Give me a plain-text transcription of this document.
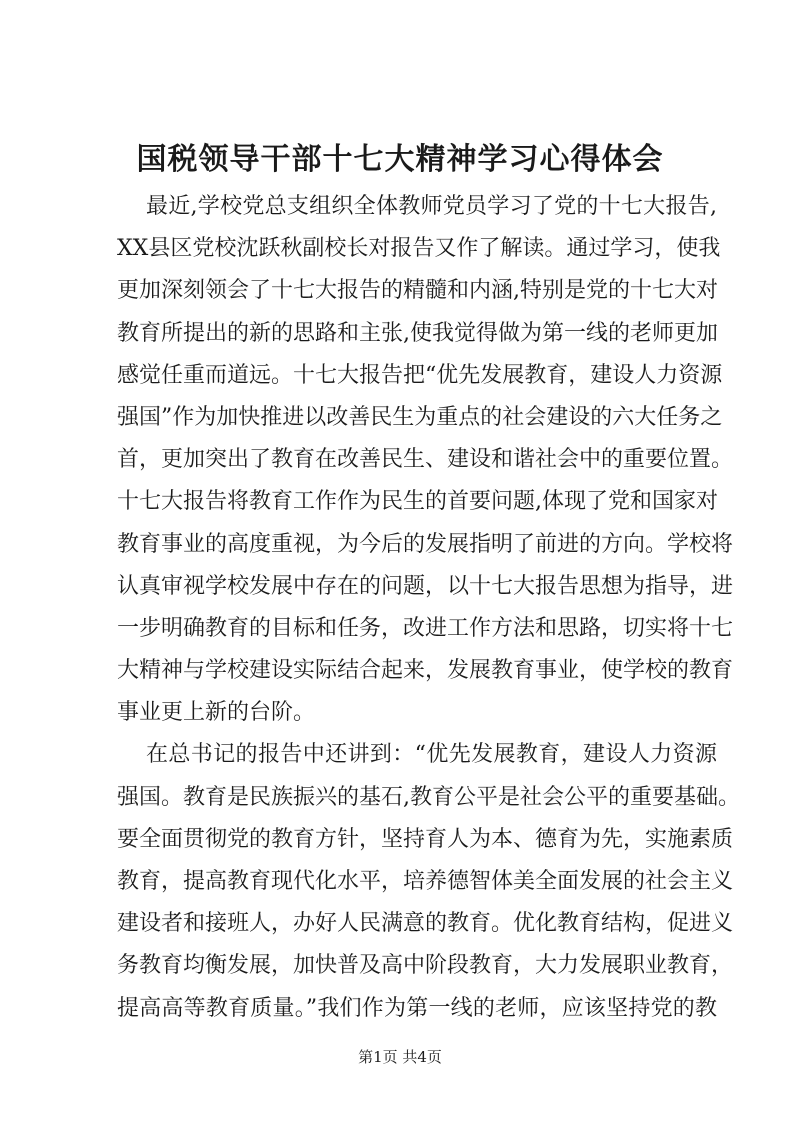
国税领导干部十七大精神学习心得体会
最近,学校党总支组织全体教师党员学习了党的十七大报告,
XX县区党校沈跃秋副校长对报告又作了解读。通过学习，使我
更加深刻领会了十七大报告的精髓和内涵,特别是党的十七大对
教育所提出的新的思路和主张,使我觉得做为第一线的老师更加
感觉任重而道远。十七大报告把“优先发展教育，建设人力资源
强国”作为加快推进以改善民生为重点的社会建设的六大任务之
首，更加突出了教育在改善民生、建设和谐社会中的重要位置。
十七大报告将教育工作作为民生的首要问题,体现了党和国家对
教育事业的高度重视，为今后的发展指明了前进的方向。学校将
认真审视学校发展中存在的问题，以十七大报告思想为指导，进
一步明确教育的目标和任务，改进工作方法和思路，切实将十七
大精神与学校建设实际结合起来，发展教育事业，使学校的教育
事业更上新的台阶。
在总书记的报告中还讲到：“优先发展教育，建设人力资源
强国。教育是民族振兴的基石,教育公平是社会公平的重要基础。
要全面贯彻党的教育方针，坚持育人为本、德育为先，实施素质
教育，提高教育现代化水平，培养德智体美全面发展的社会主义
建设者和接班人，办好人民满意的教育。优化教育结构，促进义
务教育均衡发展，加快普及高中阶段教育，大力发展职业教育，
提高高等教育质量。”我们作为第一线的老师，应该坚持党的教
第1页 共4页
